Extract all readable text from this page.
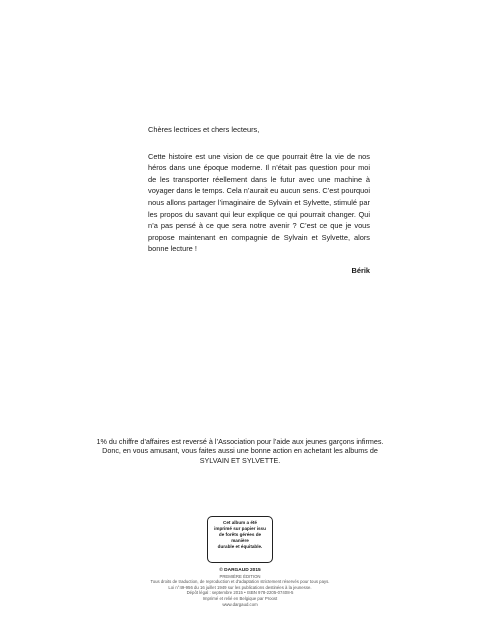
Chères lectrices et chers lecteurs,

Cette histoire est une vision de ce que pourrait être la vie de nos héros dans une époque moderne. Il n’était pas question pour moi de les transporter réellement dans le futur avec une machine à voyager dans le temps. Cela n’aurait eu aucun sens. C’est pourquoi nous allons partager l’imaginaire de Sylvain et Sylvette, stimulé par les propos du savant qui leur explique ce qui pourrait changer. Qui n’a pas pensé à ce que sera notre avenir ? C’est ce que je vous propose maintenant en compagnie de Sylvain et Sylvette, alors bonne lecture !

Bérik
1% du chiffre d’affaires est reversé à l’Association pour l’aide aux jeunes garçons infirmes.
Donc, en vous amusant, vous faites aussi une bonne action en achetant les albums de
SYLVAIN ET SYLVETTE.
Cet album a été
imprimé sur papier issu
de forêts gérées de
manière
durable et équitable.
© DARGAUD 2015
PREMIÈRE ÉDITION
Tous droits de traduction, de reproduction et d’adaptation strictement réservés pour tous pays.
Loi n°49-956 du 16 juillet 1949 sur les publications destinées à la jeunesse.
Dépôt légal : septembre 2015 • ISBN 978-2205-07408-5
Imprimé et relié en Belgique par Proost
www.dargaud.com
